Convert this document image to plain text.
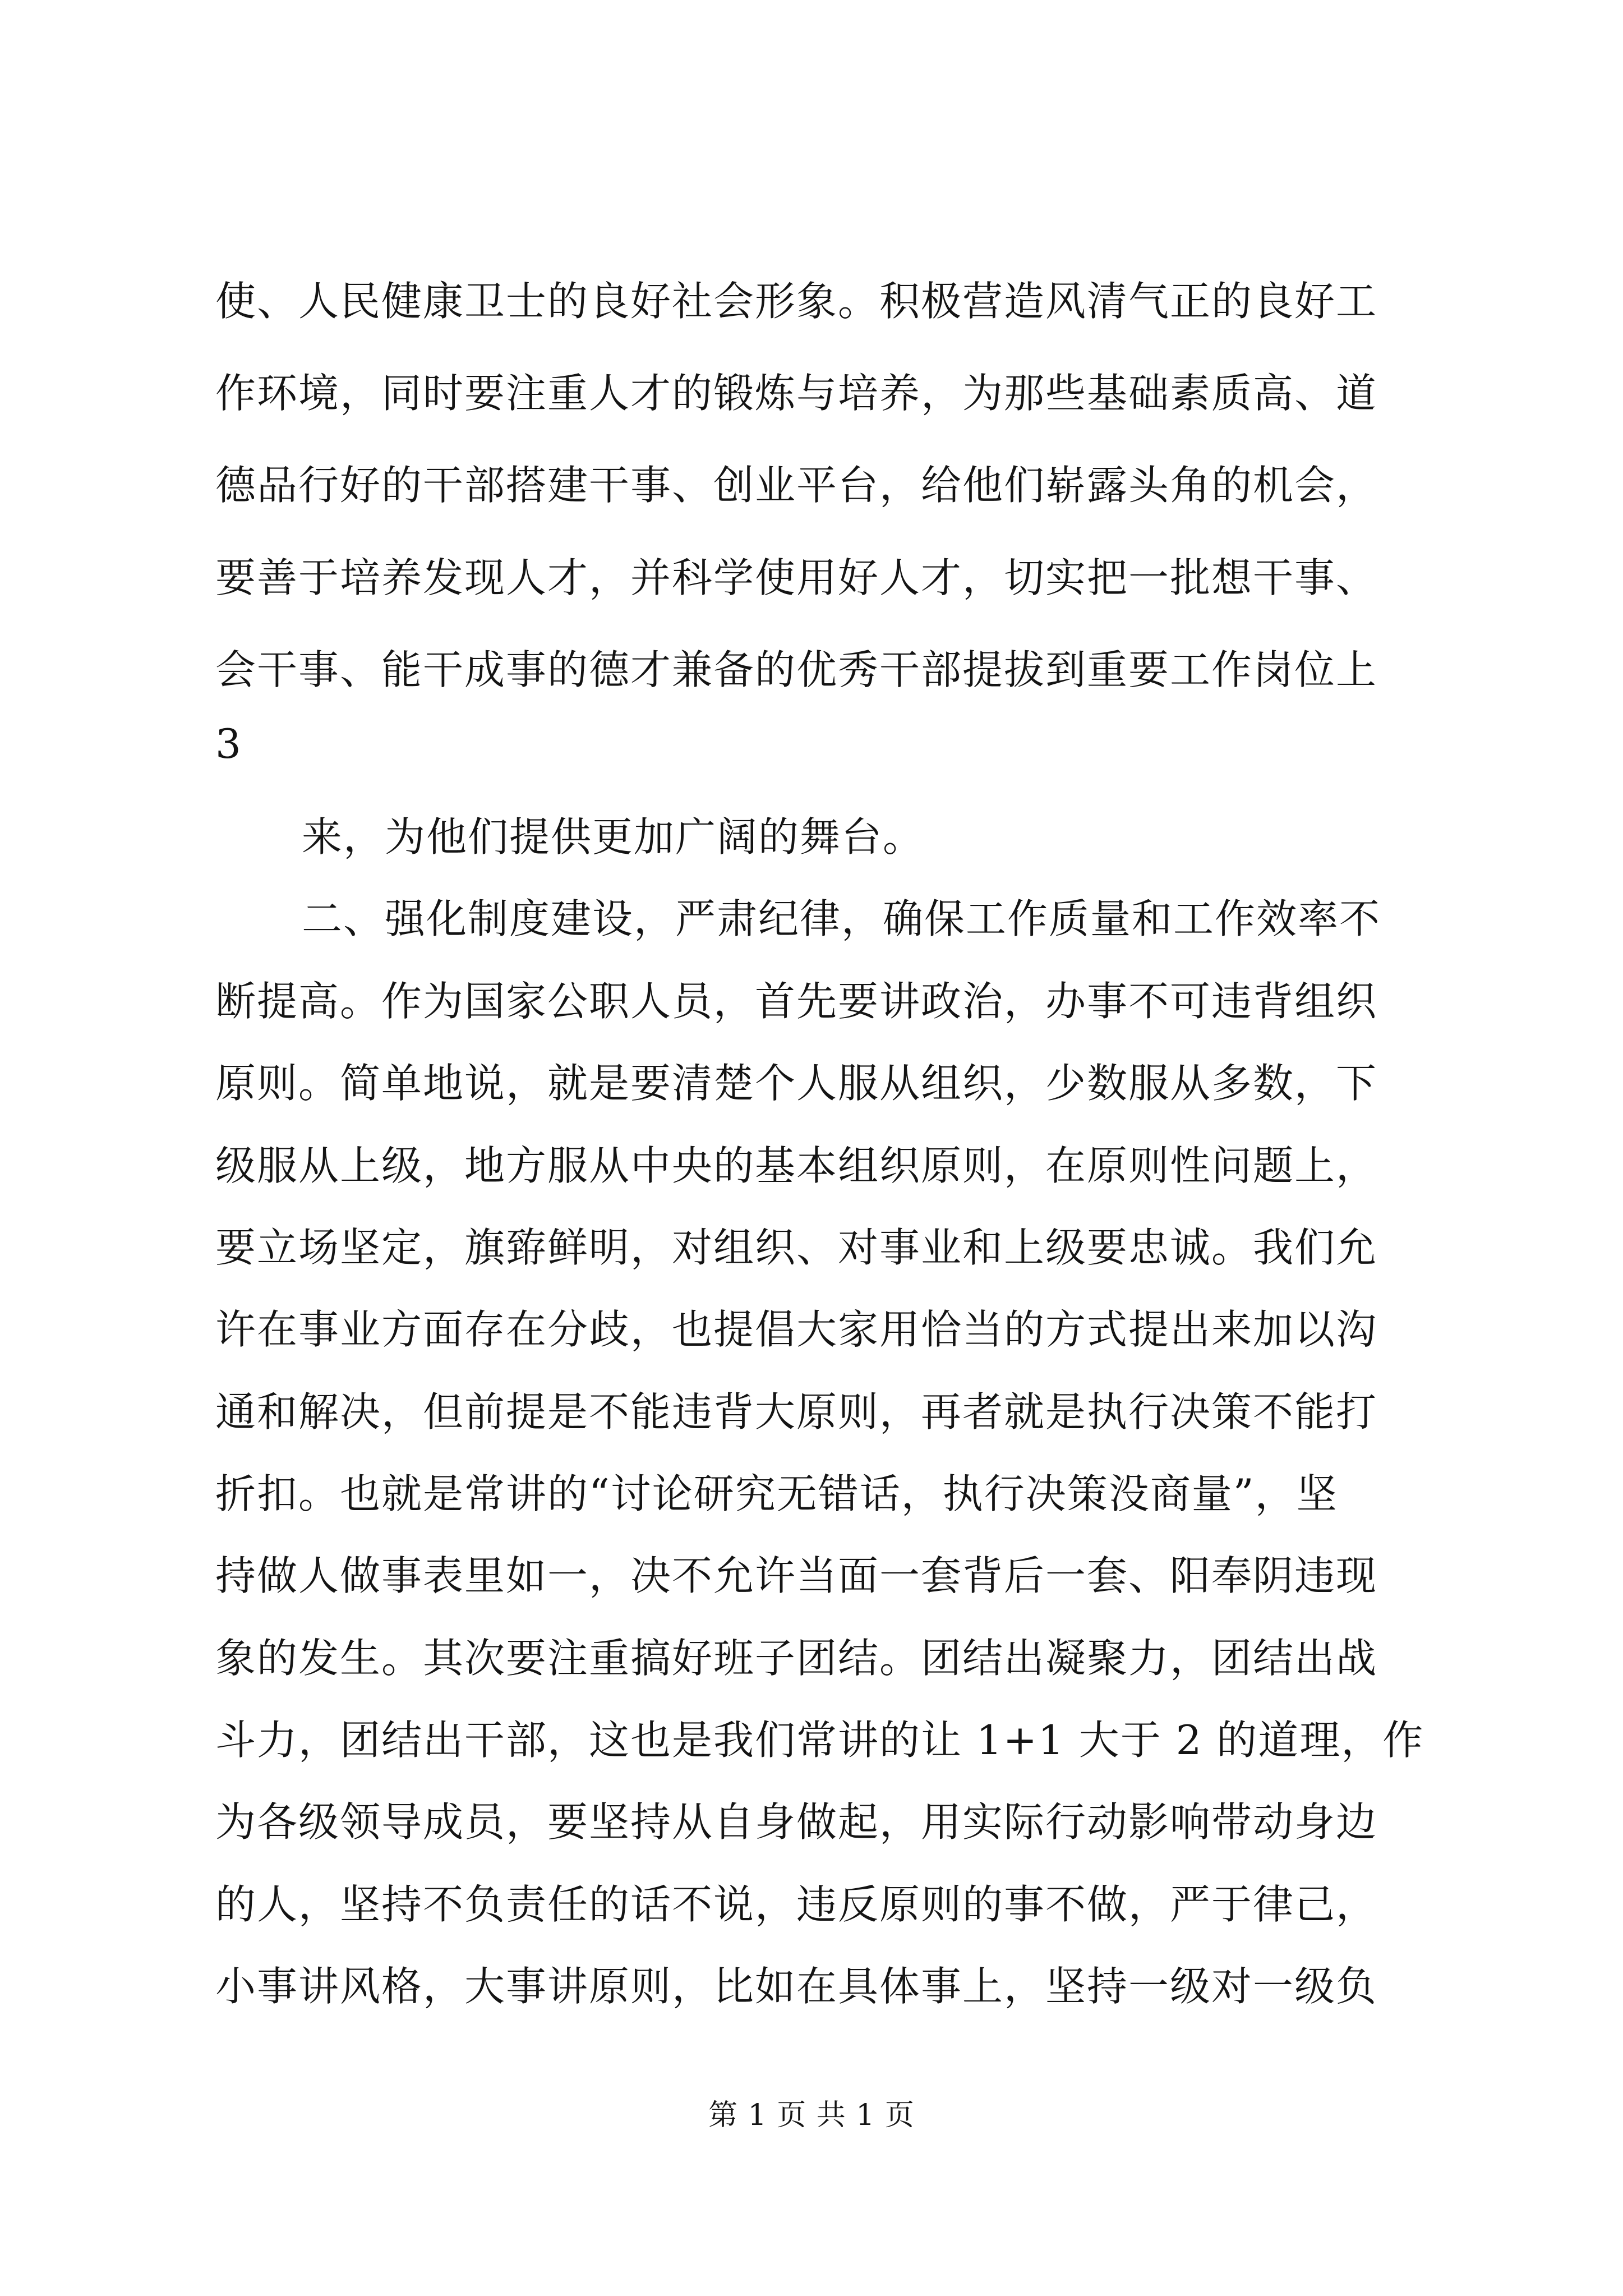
使、人民健康卫士的良好社会形象。积极营造风清气正的良好工
作环境，同时要注重人才的锻炼与培养，为那些基础素质高、道
德品行好的干部搭建干事、创业平台，给他们崭露头角的机会，
要善于培养发现人才，并科学使用好人才，切实把一批想干事、
会干事、能干成事的德才兼备的优秀干部提拔到重要工作岗位上
3
来，为他们提供更加广阔的舞台。
二、强化制度建设，严肃纪律，确保工作质量和工作效率不
断提高。作为国家公职人员，首先要讲政治，办事不可违背组织
原则。简单地说，就是要清楚个人服从组织，少数服从多数，下
级服从上级，地方服从中央的基本组织原则，在原则性问题上，
要立场坚定，旗臶鲜明，对组织、对事业和上级要忠诚。我们允
许在事业方面存在分歧，也提倡大家用恰当的方式提出来加以沟
通和解决，但前提是不能违背大原则，再者就是执行决策不能打
折扣。也就是常讲的“讨论研究无错话，执行决策没商量”，坚
持做人做事表里如一，决不允许当面一套背后一套、阳奉阴违现
象的发生。其次要注重搞好班子团结。团结出凝聚力，团结出战
斗力，团结出干部，这也是我们常讲的让 1+1 大于 2 的道理，作
为各级领导成员，要坚持从自身做起，用实际行动影响带动身边
的人，坚持不负责任的话不说，违反原则的事不做，严于律己，
小事讲风格，大事讲原则，比如在具体事上，坚持一级对一级负
第 1 页 共 1 页
